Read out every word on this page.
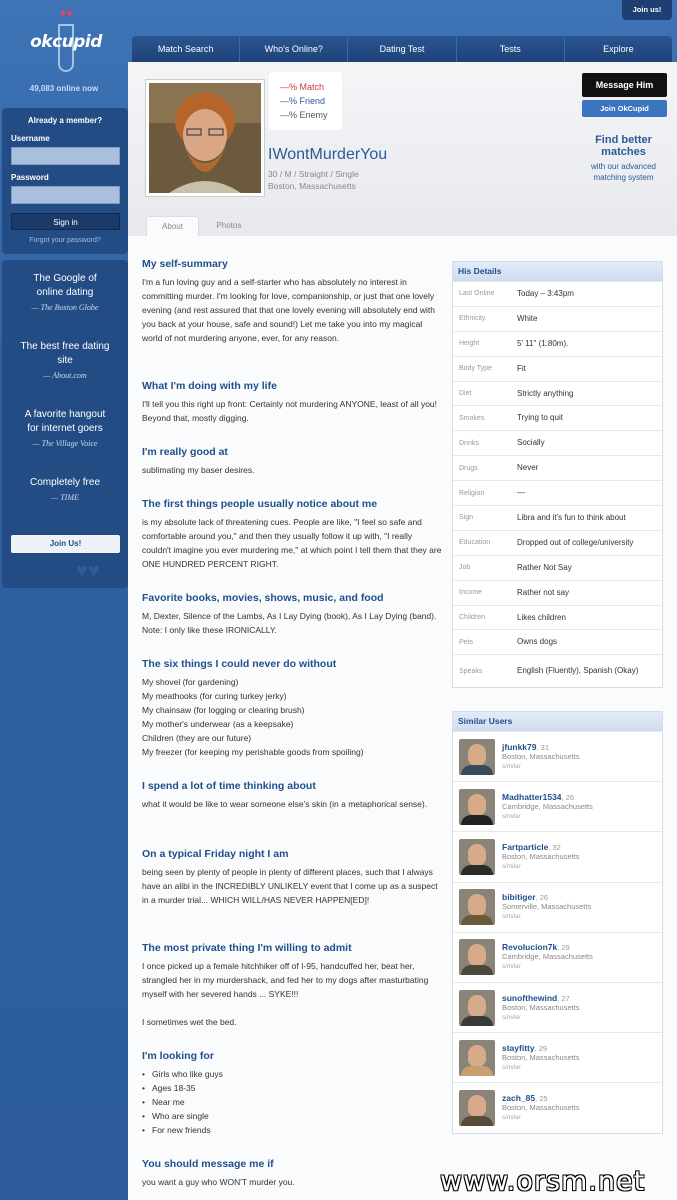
♥♥
okcupid
49,083 online now
Already a member?
Username
Password
Sign in
Forgot your password?
The Google of online dating
— The Boston Globe
The best free dating site
— About.com
A favorite hangout for internet goers
— The Village Voice
Completely free
— TIME
Join Us!
♥♥
Join us!
Match Search	Who's Online?	Dating Test	Tests	Explore
—% Match
—% Friend
—% Enemy
IWontMurderYou
30 / M / Straight / Single
Boston, Massachusetts
Message Him
Join OkCupid
Find better matches
with our advanced matching system
About	Photos
My self-summary

I'm a fun loving guy and a self-starter who has absolutely no interest in committing murder. I'm looking for love, companionship, or just that one lovely evening (and rest assured that that one lovely evening will absolutely end with you back at your house, safe and sound!) Let me take you into my magical world of not murdering anyone, ever, for any reason.

What I'm doing with my life

I'll tell you this right up front: Certainly not murdering ANYONE, least of all you! Beyond that, mostly digging.

I'm really good at

sublimating my baser desires.

The first things people usually notice about me

is my absolute lack of threatening cues. People are like, "I feel so safe and comfortable around you," and then they usually follow it up with, "I really couldn't imagine you ever murdering me," at which point I tell them that they are ONE HUNDRED PERCENT RIGHT.

Favorite books, movies, shows, music, and food

M, Dexter, Silence of the Lambs, As I Lay Dying (book), As I Lay Dying (band). Note: I only like these IRONICALLY.

The six things I could never do without

My shovel (for gardening)

My meathooks (for curing turkey jerky)

My chainsaw (for logging or clearing brush)

My mother's underwear (as a keepsake)

Children (they are our future)

My freezer (for keeping my perishable goods from spoiling)

I spend a lot of time thinking about

what it would be like to wear someone else's skin (in a metaphorical sense).

On a typical Friday night I am

being seen by plenty of people in plenty of different places, such that I always have an alibi in the INCREDIBLY UNLIKELY event that I come up as a suspect in a murder trial... WHICH WILL/HAS NEVER HAPPEN[ED]!

The most private thing I'm willing to admit

I once picked up a female hitchhiker off of I-95, handcuffed her, beat her, strangled her in my murdershack, and fed her to my dogs after masturbating myself with her severed hands ... SYKE!!!

I sometimes wet the bed.

I'm looking for
• Girls who like guys
• Ages 18-35
• Near me
• Who are single
• For new friends
You should message me if

you want a guy who WON'T murder you.

His Details
Last Online	Today – 3:43pm
Ethnicity	White
Height	5' 11" (1.80m).
Body Type	Fit
Diet	Strictly anything
Smokes	Trying to quit
Drinks	Socially
Drugs	Never
Religion	—
Sign	Libra and it's fun to think about
Education	Dropped out of college/university
Job	Rather Not Say
Income	Rather not say
Children	Likes children
Pets	Owns dogs
Speaks	English (Fluently), Spanish (Okay)
Similar Users
jfunkk79, 31
Boston, Massachusetts
similar
Madhatter1534, 26
Cambridge, Massachusetts
similar
Fartparticle, 32
Boston, Massachusetts
similar
bibitiger, 26
Somerville, Massachusetts
similar
Revolucion7k, 29
Cambridge, Massachusetts
similar
sunofthewind, 27
Boston, Massachusetts
similar
stayfitty, 29
Boston, Massachusetts
similar
zach_85, 25
Boston, Massachusetts
similar
www.orsm.net
